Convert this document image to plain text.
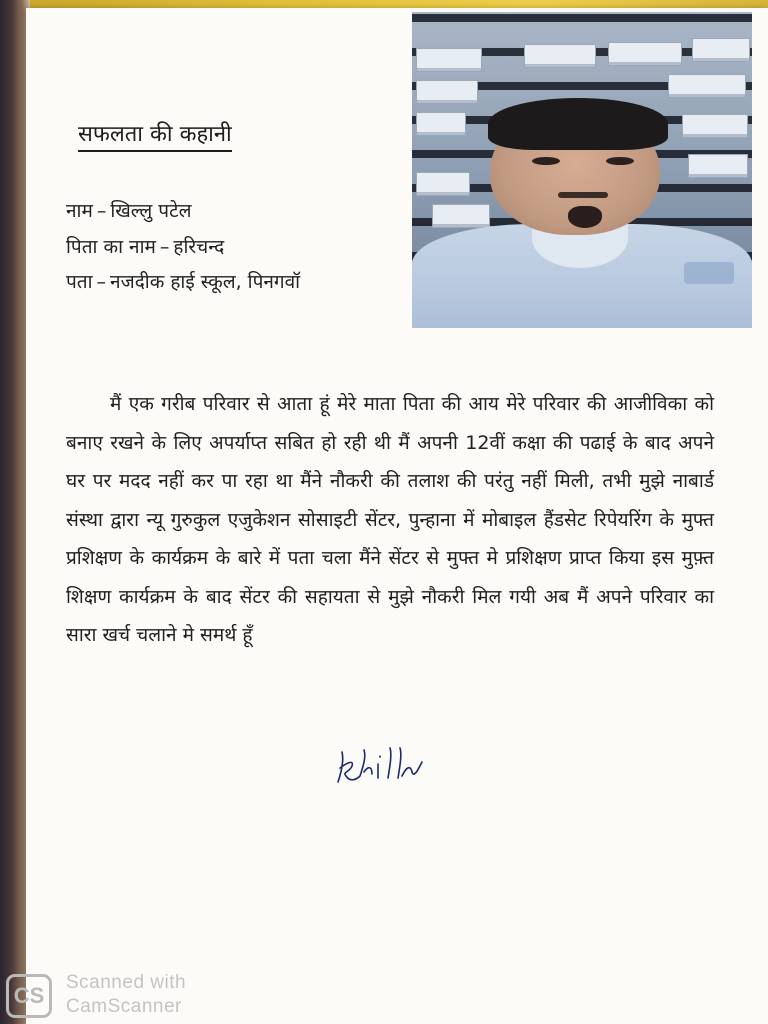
सफलता की कहानी
नाम – खिल्लु पटेल
पिता का नाम – हरिचन्द
पता – नजदीक हाई स्कूल, पिनगवॉ

मैं एक गरीब परिवार से आता हूं मेरे माता पिता की आय मेरे परिवार की आजीविका को बनाए रखने के लिए अपर्याप्त सबित हो रही थी मैं अपनी 12वीं कक्षा की पढाई के बाद अपने घर पर मदद नहीं कर पा रहा था मैंने नौकरी की तलाश की परंतु नहीं मिली, तभी मुझे नाबार्ड संस्था द्वारा न्यू गुरुकुल एजुकेशन सोसाइटी सेंटर, पुन्हाना में मोबाइल हैंडसेट रिपेयरिंग के मुफ्त प्रशिक्षण के कार्यक्रम के बारे में पता चला मैंने सेंटर से मुफ्त मे प्रशिक्षण प्राप्त किया इस मुफ़्त शिक्षण कार्यक्रम के बाद सेंटर की सहायता से मुझे नौकरी मिल गयी अब मैं अपने परिवार का सारा खर्च चलाने मे समर्थ हूँ

CS
Scanned with
CamScanner
